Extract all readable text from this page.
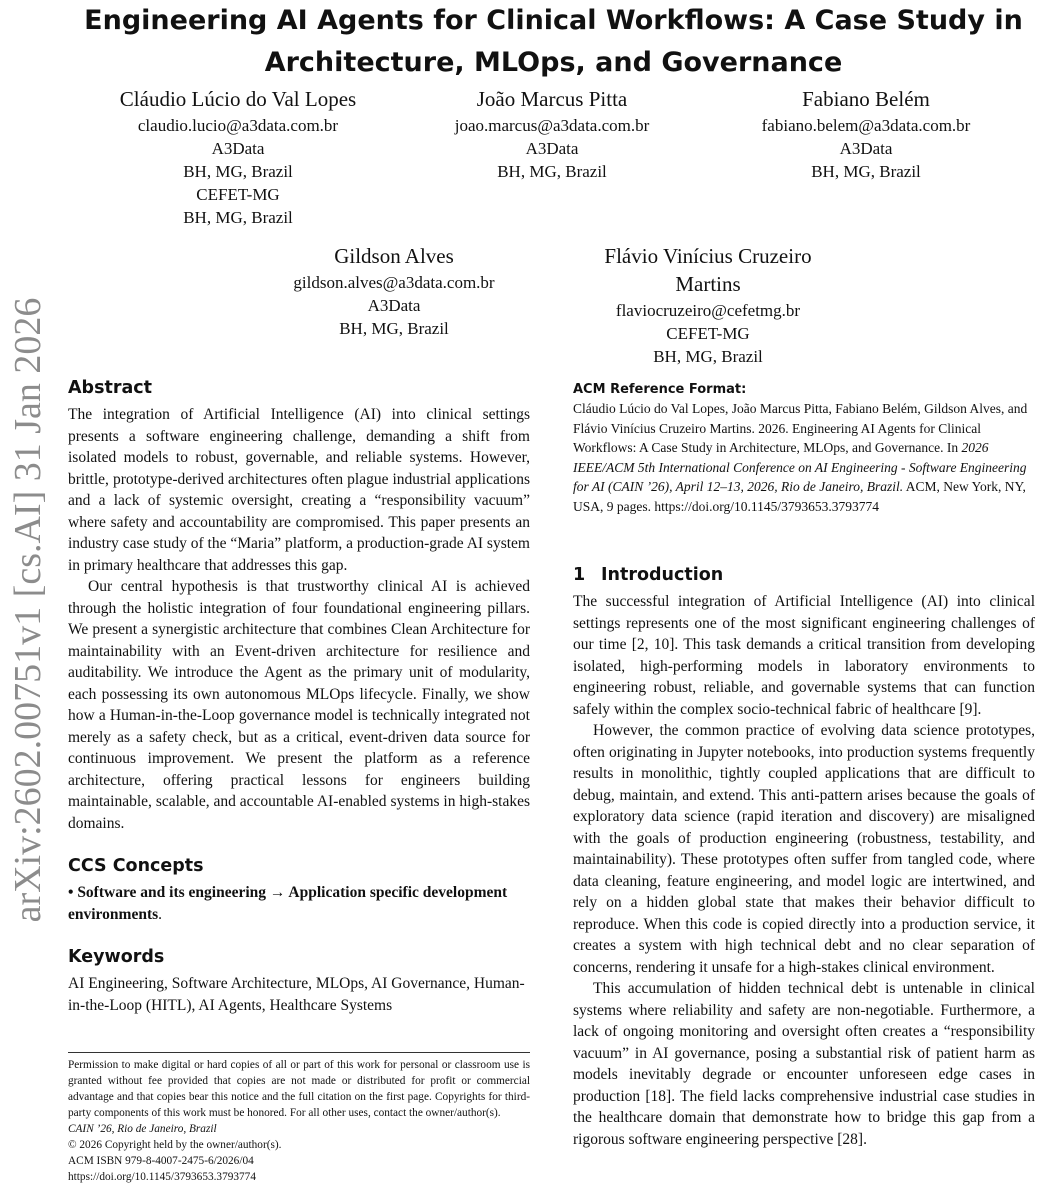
arXiv:2602.00751v1 [cs.AI] 31 Jan 2026
Engineering AI Agents for Clinical Workflows: A Case Study in
Architecture, MLOps, and Governance
Cláudio Lúcio do Val Lopes
claudio.lucio@a3data.com.br
A3Data
BH, MG, Brazil
CEFET-MG
BH, MG, Brazil
João Marcus Pitta
joao.marcus@a3data.com.br
A3Data
BH, MG, Brazil
Fabiano Belém
fabiano.belem@a3data.com.br
A3Data
BH, MG, Brazil
Gildson Alves
gildson.alves@a3data.com.br
A3Data
BH, MG, Brazil
Flávio Vinícius Cruzeiro
Martins
flaviocruzeiro@cefetmg.br
CEFET-MG
BH, MG, Brazil
Abstract

The integration of Artificial Intelligence (AI) into clinical settings presents a software engineering challenge, demanding a shift from isolated models to robust, governable, and reliable systems. However, brittle, prototype-derived architectures often plague industrial applications and a lack of systemic oversight, creating a “responsibility vacuum” where safety and accountability are compromised. This paper presents an industry case study of the “Maria” platform, a production-grade AI system in primary healthcare that addresses this gap.

Our central hypothesis is that trustworthy clinical AI is achieved through the holistic integration of four foundational engineering pillars. We present a synergistic architecture that combines Clean Architecture for maintainability with an Event-driven architecture for resilience and auditability. We introduce the Agent as the primary unit of modularity, each possessing its own autonomous MLOps lifecycle. Finally, we show how a Human-in-the-Loop governance model is technically integrated not merely as a safety check, but as a critical, event-driven data source for continuous improvement. We present the platform as a reference architecture, offering practical lessons for engineers building maintainable, scalable, and accountable AI-enabled systems in high-stakes domains.

CCS Concepts

• Software and its engineering → Application specific development environments.

Keywords

AI Engineering, Software Architecture, MLOps, AI Governance, Human-in-the-Loop (HITL), AI Agents, Healthcare Systems

Permission to make digital or hard copies of all or part of this work for personal or classroom use is granted without fee provided that copies are not made or distributed for profit or commercial advantage and that copies bear this notice and the full citation on the first page. Copyrights for third-party components of this work must be honored. For all other uses, contact the owner/author(s).
CAIN ’26, Rio de Janeiro, Brazil
© 2026 Copyright held by the owner/author(s).
ACM ISBN 979-8-4007-2475-6/2026/04
https://doi.org/10.1145/3793653.3793774
ACM Reference Format:
Cláudio Lúcio do Val Lopes, João Marcus Pitta, Fabiano Belém, Gildson Alves, and Flávio Vinícius Cruzeiro Martins. 2026. Engineering AI Agents for Clinical Workflows: A Case Study in Architecture, MLOps, and Governance. In 2026 IEEE/ACM 5th International Conference on AI Engineering - Software Engineering for AI (CAIN ’26), April 12–13, 2026, Rio de Janeiro, Brazil. ACM, New York, NY, USA, 9 pages. https://doi.org/10.1145/3793653.3793774
1 Introduction

The successful integration of Artificial Intelligence (AI) into clinical settings represents one of the most significant engineering challenges of our time [2, 10]. This task demands a critical transition from developing isolated, high-performing models in laboratory environments to engineering robust, reliable, and governable systems that can function safely within the complex socio-technical fabric of healthcare [9].

However, the common practice of evolving data science prototypes, often originating in Jupyter notebooks, into production systems frequently results in monolithic, tightly coupled applications that are difficult to debug, maintain, and extend. This anti-pattern arises because the goals of exploratory data science (rapid iteration and discovery) are misaligned with the goals of production engineering (robustness, testability, and maintainability). These prototypes often suffer from tangled code, where data cleaning, feature engineering, and model logic are intertwined, and rely on a hidden global state that makes their behavior difficult to reproduce. When this code is copied directly into a production service, it creates a system with high technical debt and no clear separation of concerns, rendering it unsafe for a high-stakes clinical environment.

This accumulation of hidden technical debt is untenable in clinical systems where reliability and safety are non-negotiable. Furthermore, a lack of ongoing monitoring and oversight often creates a “responsibility vacuum” in AI governance, posing a substantial risk of patient harm as models inevitably degrade or encounter unforeseen edge cases in production [18]. The field lacks comprehensive industrial case studies in the healthcare domain that demonstrate how to bridge this gap from a rigorous software engineering perspective [28].
